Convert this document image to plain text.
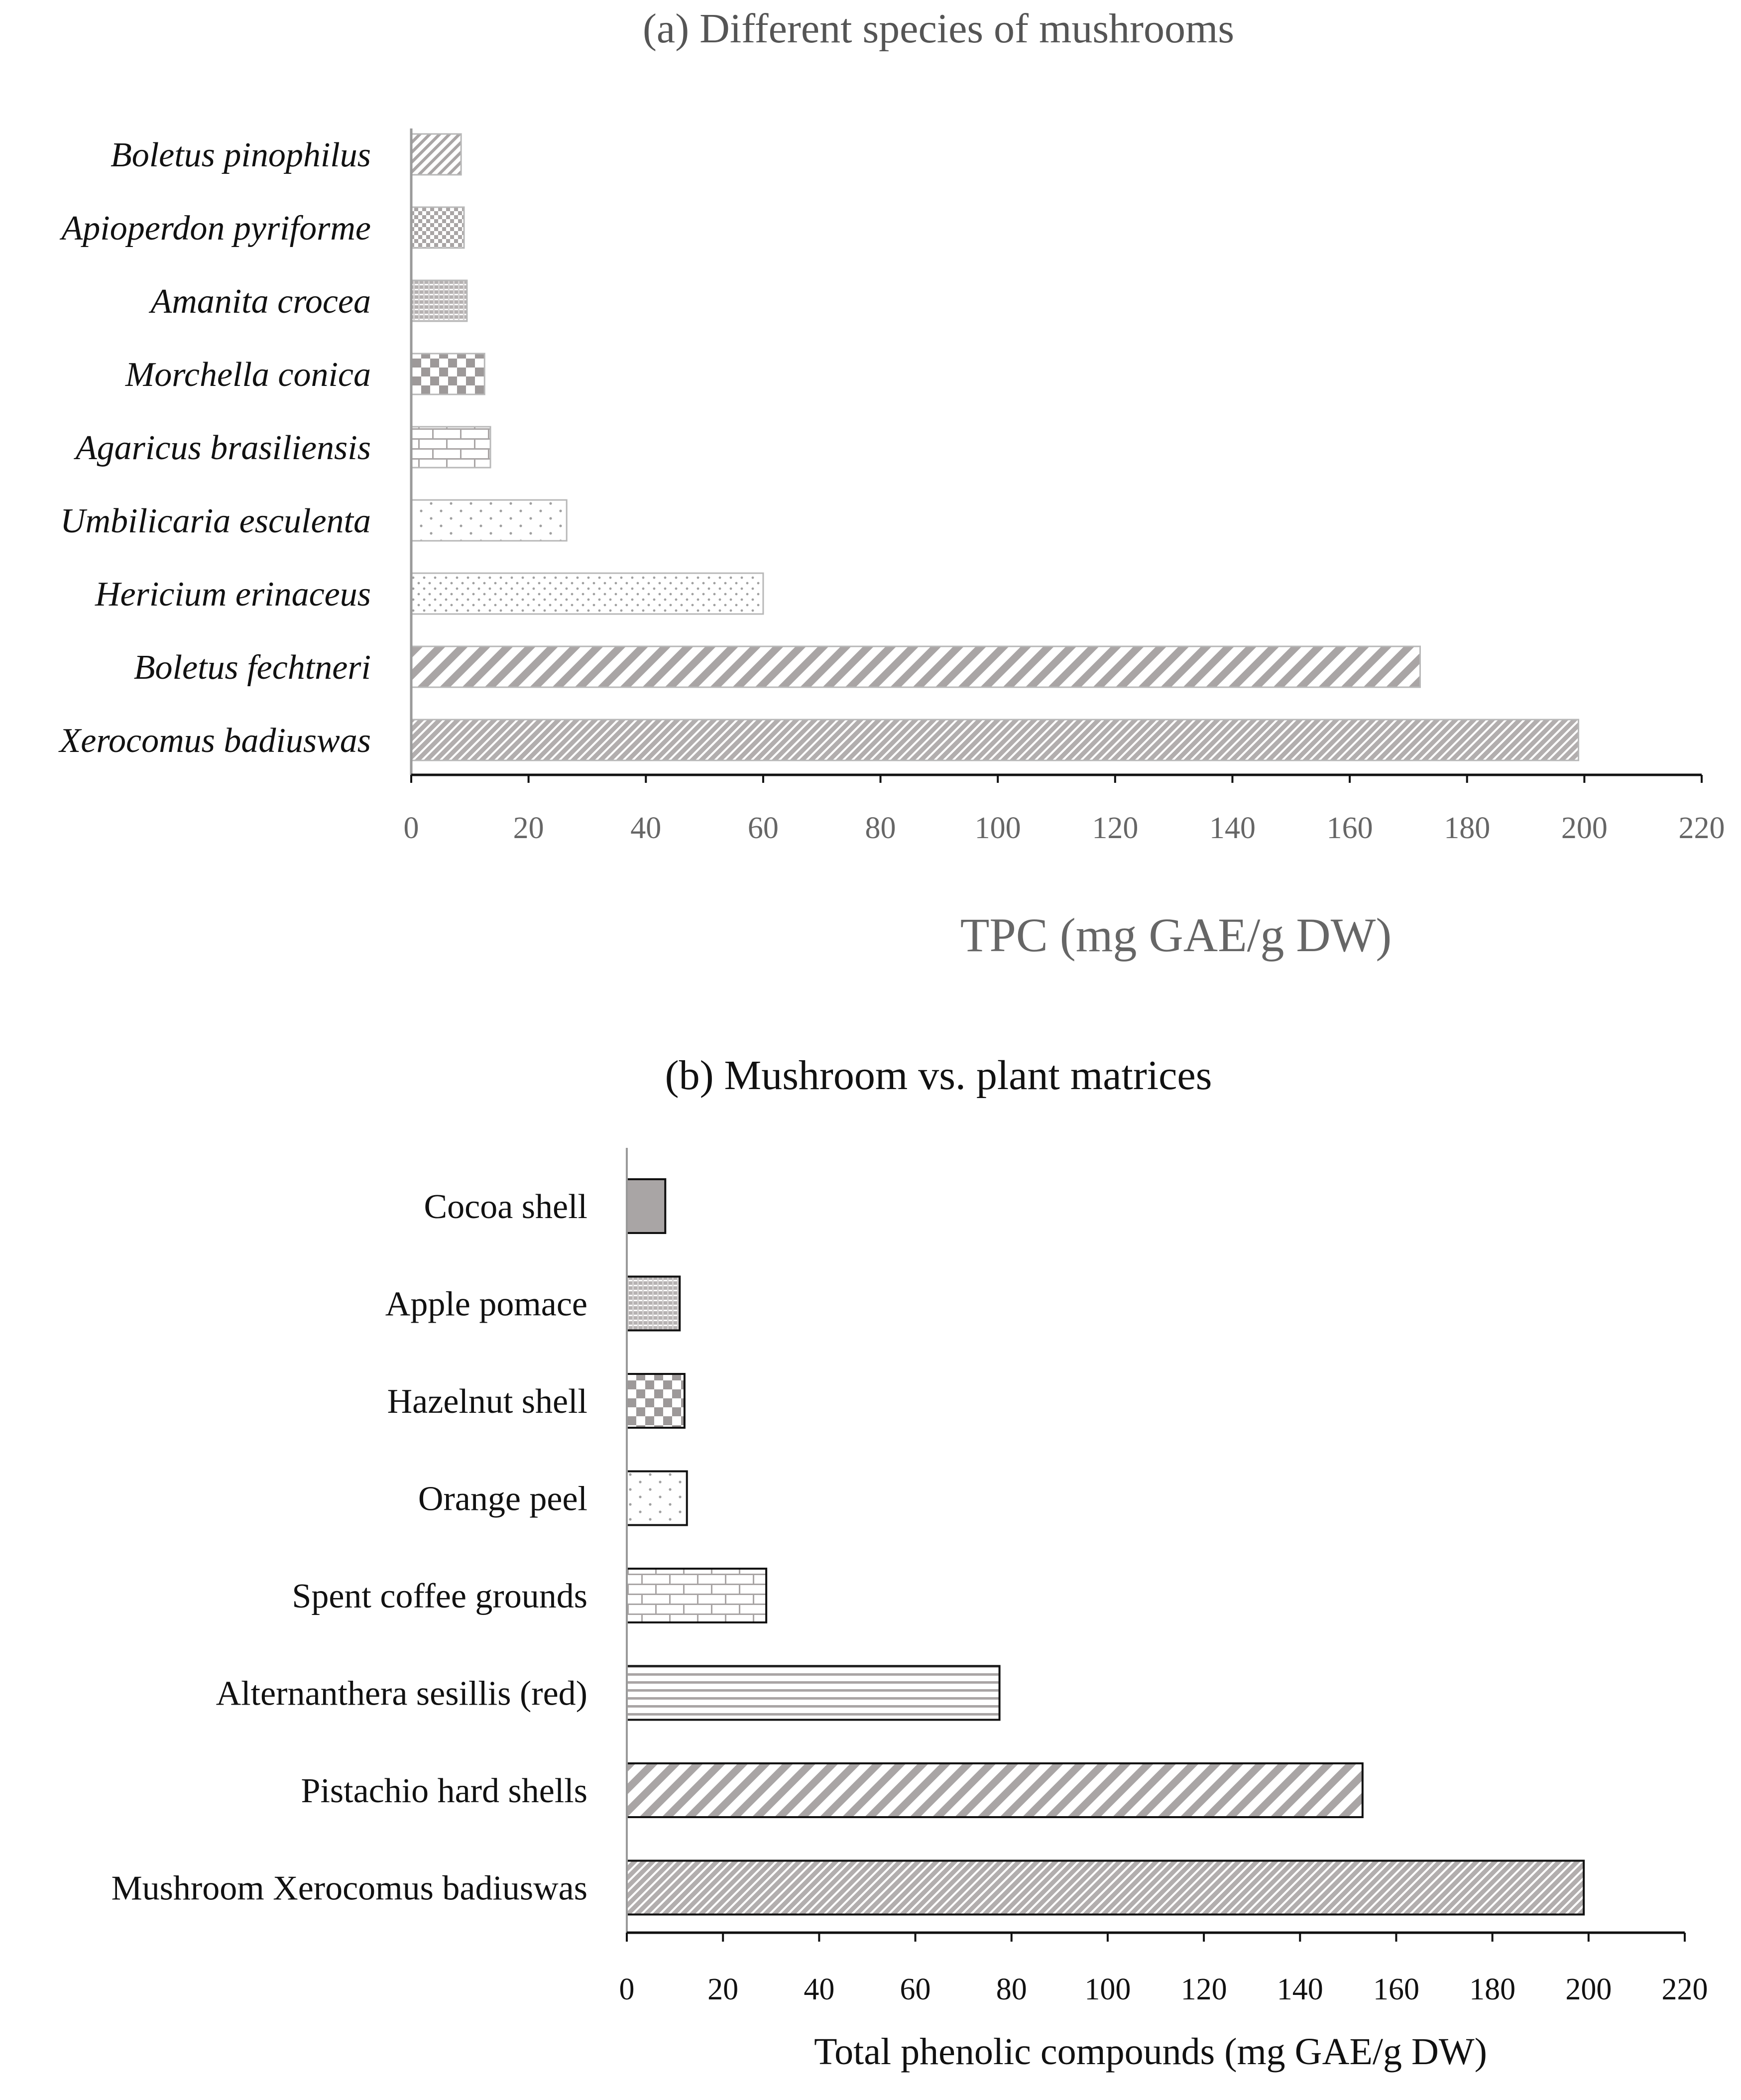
(a) Different species of mushrooms
Boletus pinophilus
Apioperdon pyriforme
Amanita crocea
Morchella conica
Agaricus brasiliensis
Umbilicaria esculenta
Hericium erinaceus
Boletus fechtneri
Xerocomus badiuswas
0	20	40	60	80	100 120 140 160 180 200 220
TPC (mg GAE/g DW)
(b) Mushroom vs. plant matrices
Cocoa shell
Apple pomace
Hazelnut shell
Orange peel
Spent coffee grounds
Alternanthera sesillis (red)
Pistachio hard shells
Mushroom Xerocomus badiuswas
0 20 40 60 80 100 120 140 160 180 200 220
Total phenolic compounds (mg GAE/g DW)
